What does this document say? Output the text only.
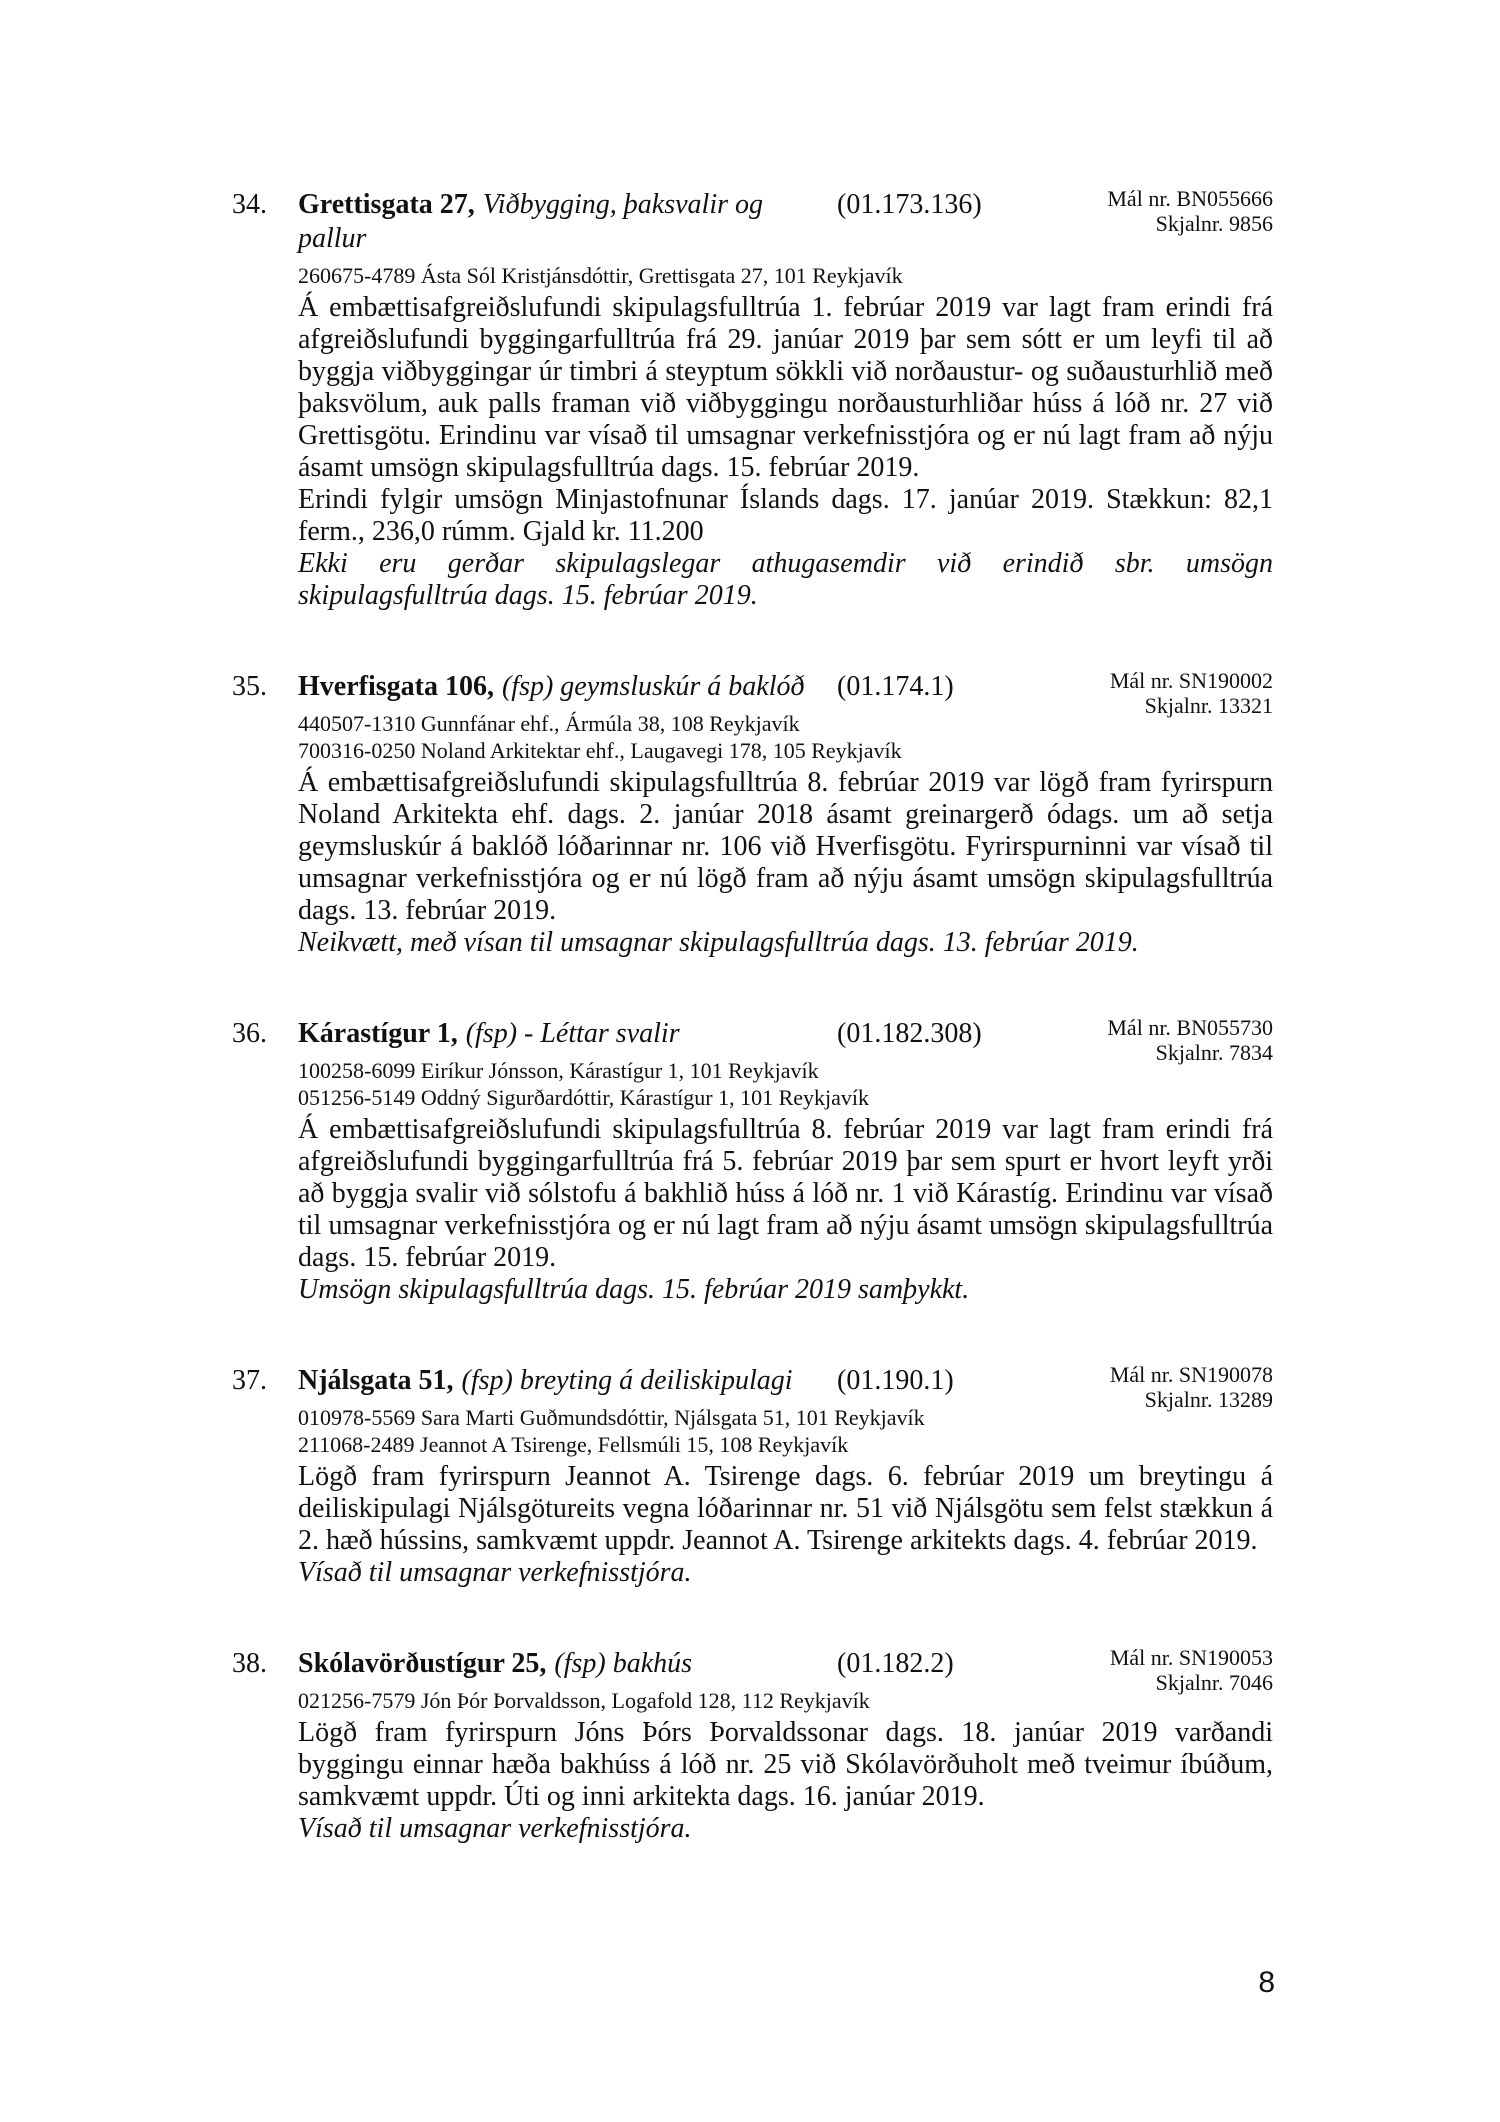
34. Grettisgata 27, Viðbygging, þaksvalir og pallur
(01.173.136)	Mál nr. BN055666
Skjalnr. 9856
260675-4789 Ásta Sól Kristjánsdóttir, Grettisgata 27, 101 Reykjavík

Á embættisafgreiðslufundi skipulagsfulltrúa 1. febrúar 2019 var lagt fram erindi frá afgreiðslufundi byggingarfulltrúa frá 29. janúar 2019 þar sem sótt er um leyfi til að byggja viðbyggingar úr timbri á steyptum sökkli við norðaustur- og suðausturhlið með þaksvölum, auk palls framan við viðbyggingu norðausturhliðar húss á lóð nr. 27 við Grettisgötu. Erindinu var vísað til umsagnar verkefnisstjóra og er nú lagt fram að nýju ásamt umsögn skipulagsfulltrúa dags. 15. febrúar 2019.

Erindi fylgir umsögn Minjastofnunar Íslands dags. 17. janúar 2019. Stækkun: 82,1 ferm., 236,0 rúmm. Gjald kr. 11.200

Ekki eru gerðar skipulagslegar athugasemdir við erindið sbr. umsögn skipulagsfulltrúa dags. 15. febrúar 2019.

35. Hverfisgata 106, (fsp) geymsluskúr á baklóð	(01.174.1)	Mál nr. SN190002
Skjalnr. 13321
440507-1310 Gunnfánar ehf., Ármúla 38, 108 Reykjavík
700316-0250 Noland Arkitektar ehf., Laugavegi 178, 105 Reykjavík

Á embættisafgreiðslufundi skipulagsfulltrúa 8. febrúar 2019 var lögð fram fyrirspurn Noland Arkitekta ehf. dags. 2. janúar 2018 ásamt greinargerð ódags. um að setja geymsluskúr á baklóð lóðarinnar nr. 106 við Hverfisgötu. Fyrirspurninni var vísað til umsagnar verkefnisstjóra og er nú lögð fram að nýju ásamt umsögn skipulagsfulltrúa dags. 13. febrúar 2019.

Neikvætt, með vísan til umsagnar skipulagsfulltrúa dags. 13. febrúar 2019.

36. Kárastígur 1, (fsp) - Léttar svalir	(01.182.308)	Mál nr. BN055730
Skjalnr. 7834
100258-6099 Eiríkur Jónsson, Kárastígur 1, 101 Reykjavík
051256-5149 Oddný Sigurðardóttir, Kárastígur 1, 101 Reykjavík

Á embættisafgreiðslufundi skipulagsfulltrúa 8. febrúar 2019 var lagt fram erindi frá afgreiðslufundi byggingarfulltrúa frá 5. febrúar 2019 þar sem spurt er hvort leyft yrði að byggja svalir við sólstofu á bakhlið húss á lóð nr. 1 við Kárastíg. Erindinu var vísað til umsagnar verkefnisstjóra og er nú lagt fram að nýju ásamt umsögn skipulagsfulltrúa dags. 15. febrúar 2019.

Umsögn skipulagsfulltrúa dags. 15. febrúar 2019 samþykkt.

37. Njálsgata 51, (fsp) breyting á deiliskipulagi	(01.190.1)	Mál nr. SN190078
Skjalnr. 13289
010978-5569 Sara Marti Guðmundsdóttir, Njálsgata 51, 101 Reykjavík
211068-2489 Jeannot A Tsirenge, Fellsmúli 15, 108 Reykjavík

Lögð fram fyrirspurn Jeannot A. Tsirenge dags. 6. febrúar 2019 um breytingu á deiliskipulagi Njálsgötureits vegna lóðarinnar nr. 51 við Njálsgötu sem felst stækkun á 2. hæð hússins, samkvæmt uppdr. Jeannot A. Tsirenge arkitekts dags. 4. febrúar 2019.

Vísað til umsagnar verkefnisstjóra.

38. Skólavörðustígur 25, (fsp) bakhús	(01.182.2)	Mál nr. SN190053
Skjalnr. 7046
021256-7579 Jón Þór Þorvaldsson, Logafold 128, 112 Reykjavík

Lögð fram fyrirspurn Jóns Þórs Þorvaldssonar dags. 18. janúar 2019 varðandi byggingu einnar hæða bakhúss á lóð nr. 25 við Skólavörðuholt með tveimur íbúðum, samkvæmt uppdr. Úti og inni arkitekta dags. 16. janúar 2019.

Vísað til umsagnar verkefnisstjóra.

8
